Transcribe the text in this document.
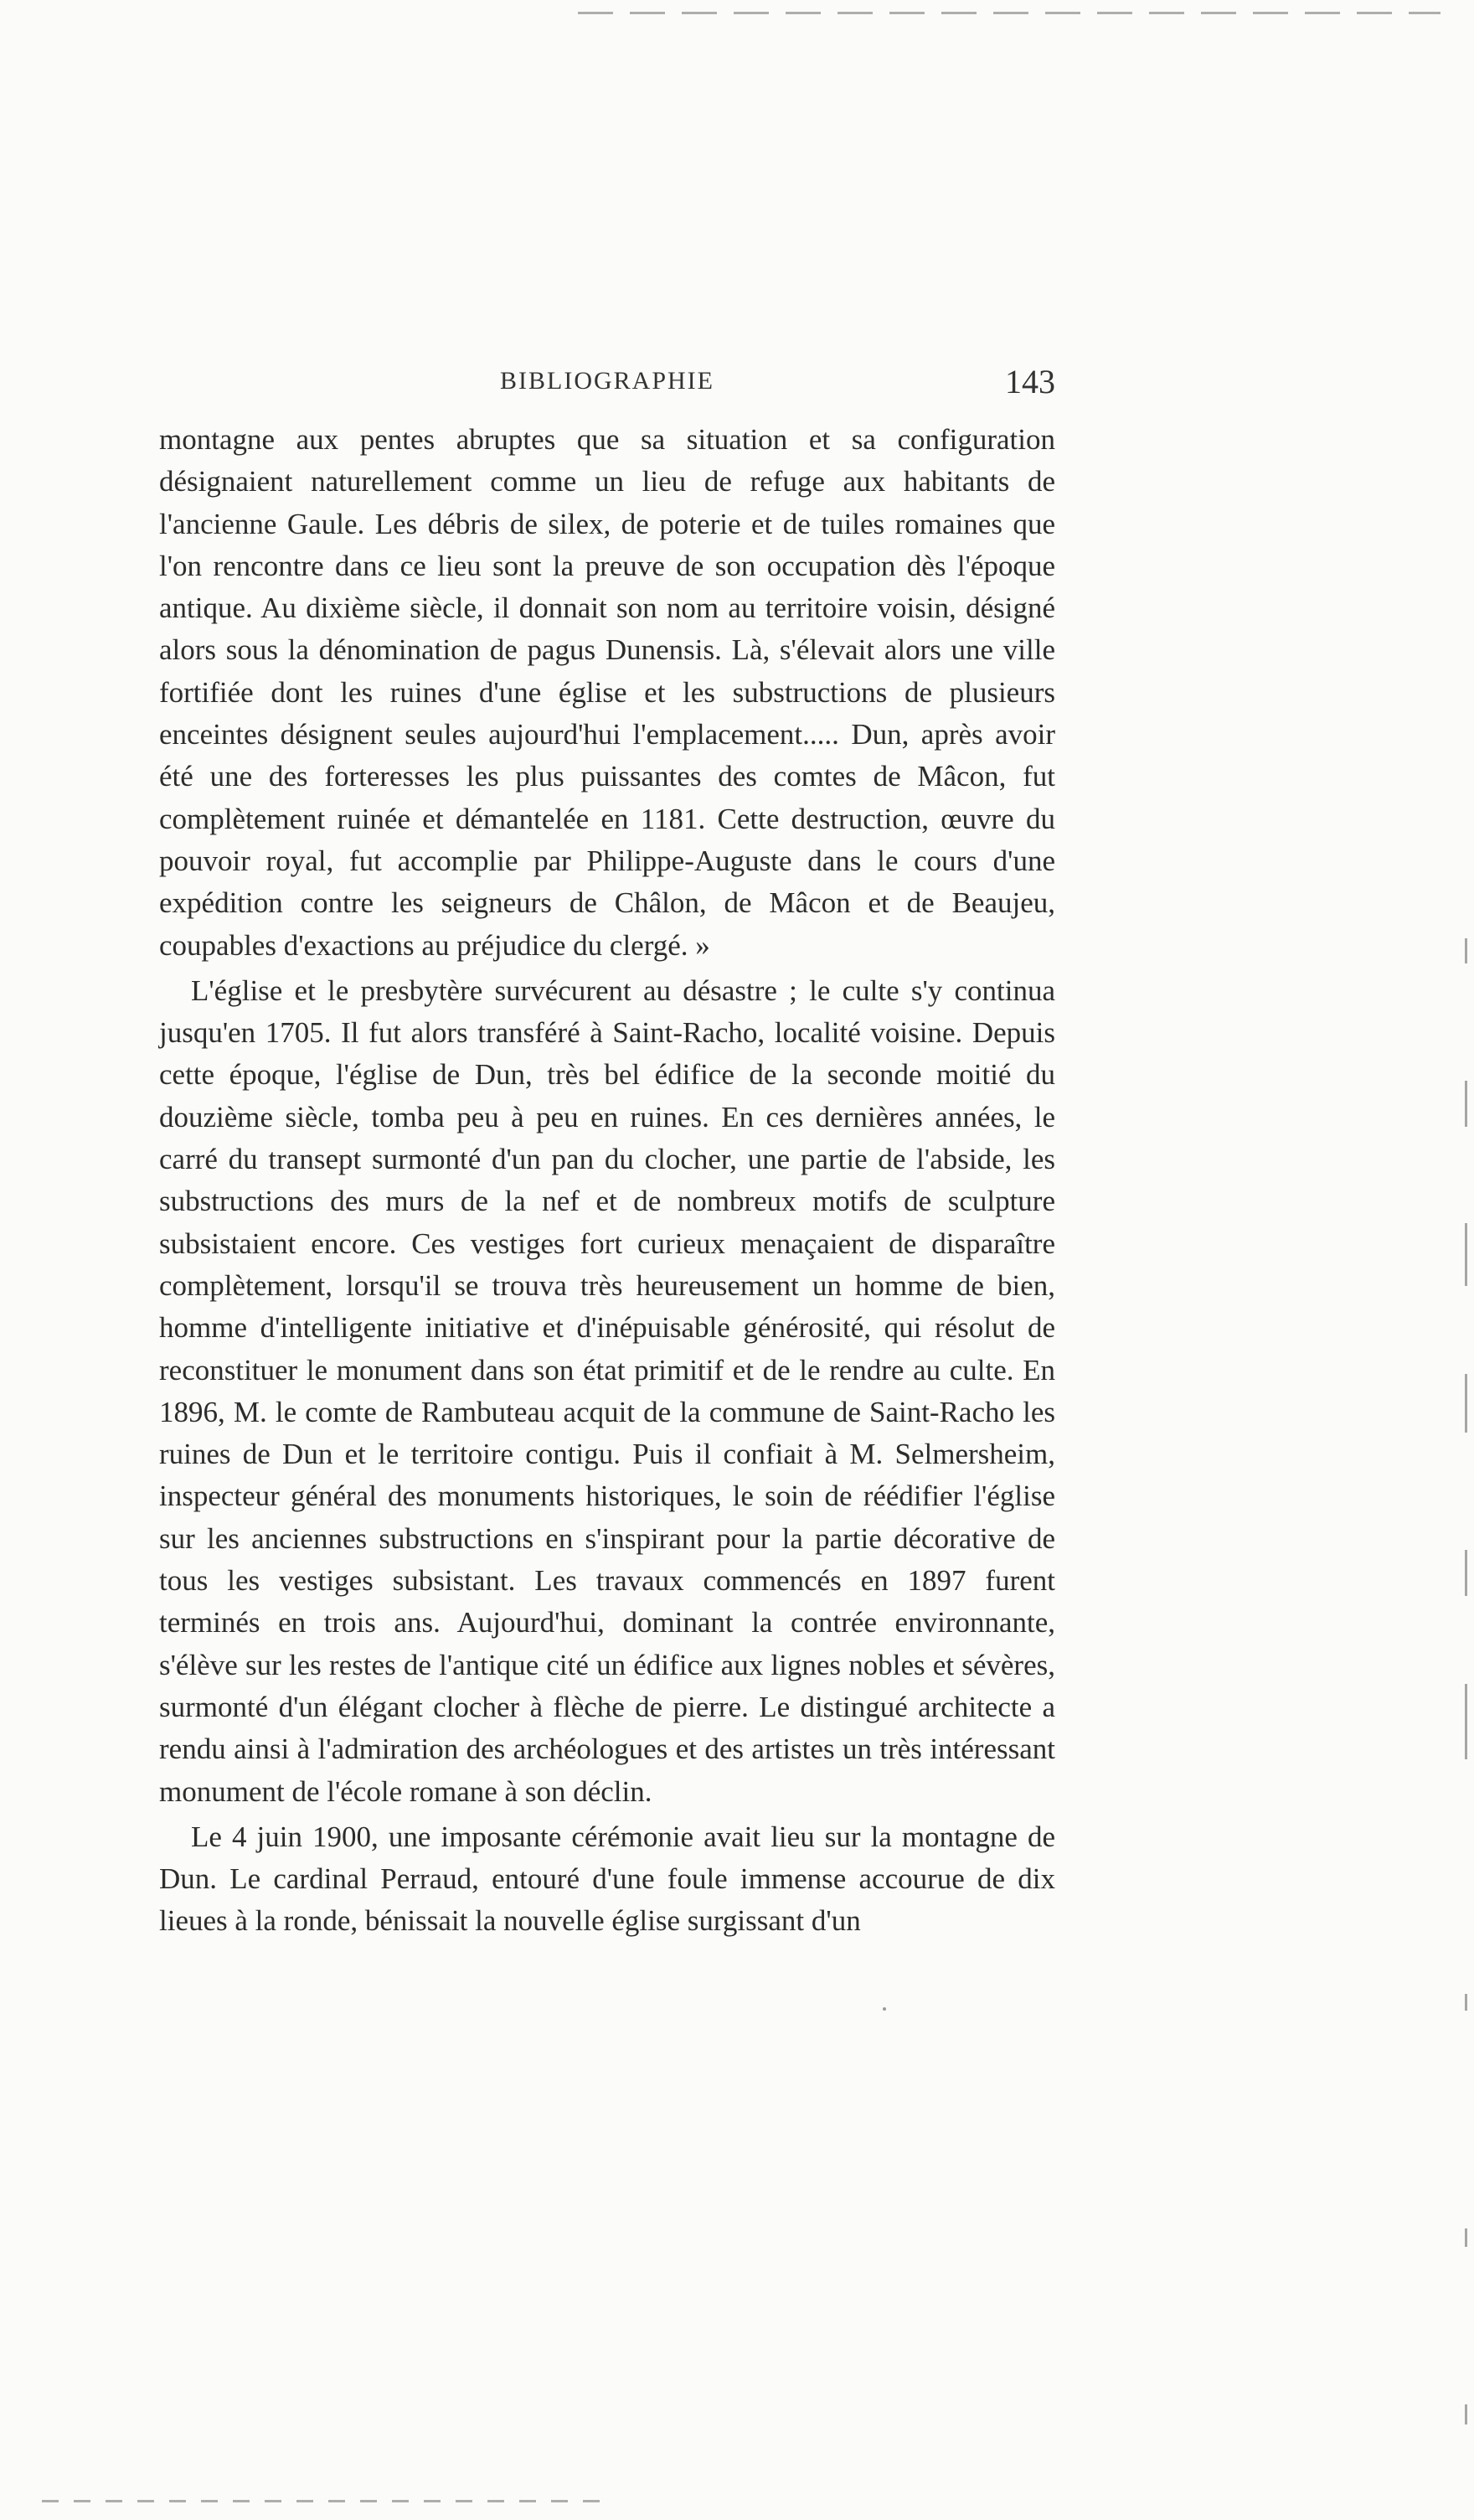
BIBLIOGRAPHIE	143

montagne aux pentes abruptes que sa situation et sa configuration désignaient naturellement comme un lieu de refuge aux habitants de l'ancienne Gaule. Les débris de silex, de poterie et de tuiles romaines que l'on rencontre dans ce lieu sont la preuve de son occupation dès l'époque antique. Au dixième siècle, il donnait son nom au territoire voisin, désigné alors sous la dénomination de pagus Dunensis. Là, s'élevait alors une ville fortifiée dont les ruines d'une église et les substructions de plusieurs enceintes désignent seules aujourd'hui l'emplacement..... Dun, après avoir été une des forteresses les plus puissantes des comtes de Mâcon, fut complètement ruinée et démantelée en 1181. Cette destruction, œuvre du pouvoir royal, fut accomplie par Philippe-Auguste dans le cours d'une expédition contre les seigneurs de Châlon, de Mâcon et de Beaujeu, coupables d'exactions au préjudice du clergé. »

L'église et le presbytère survécurent au désastre ; le culte s'y continua jusqu'en 1705. Il fut alors transféré à Saint-Racho, localité voisine. Depuis cette époque, l'église de Dun, très bel édifice de la seconde moitié du douzième siècle, tomba peu à peu en ruines. En ces dernières années, le carré du transept surmonté d'un pan du clocher, une partie de l'abside, les substructions des murs de la nef et de nombreux motifs de sculpture subsistaient encore. Ces vestiges fort curieux menaçaient de disparaître complètement, lorsqu'il se trouva très heureusement un homme de bien, homme d'intelligente initiative et d'inépuisable générosité, qui résolut de reconstituer le monument dans son état primitif et de le rendre au culte. En 1896, M. le comte de Rambuteau acquit de la commune de Saint-Racho les ruines de Dun et le territoire contigu. Puis il confiait à M. Selmersheim, inspecteur général des monuments historiques, le soin de réédifier l'église sur les anciennes substructions en s'inspirant pour la partie décorative de tous les vestiges subsistant. Les travaux commencés en 1897 furent terminés en trois ans. Aujourd'hui, dominant la contrée environnante, s'élève sur les restes de l'antique cité un édifice aux lignes nobles et sévères, surmonté d'un élégant clocher à flèche de pierre. Le distingué architecte a rendu ainsi à l'admiration des archéologues et des artistes un très intéressant monument de l'école romane à son déclin.

Le 4 juin 1900, une imposante cérémonie avait lieu sur la montagne de Dun. Le cardinal Perraud, entouré d'une foule immense accourue de dix lieues à la ronde, bénissait la nouvelle église surgissant d'un
